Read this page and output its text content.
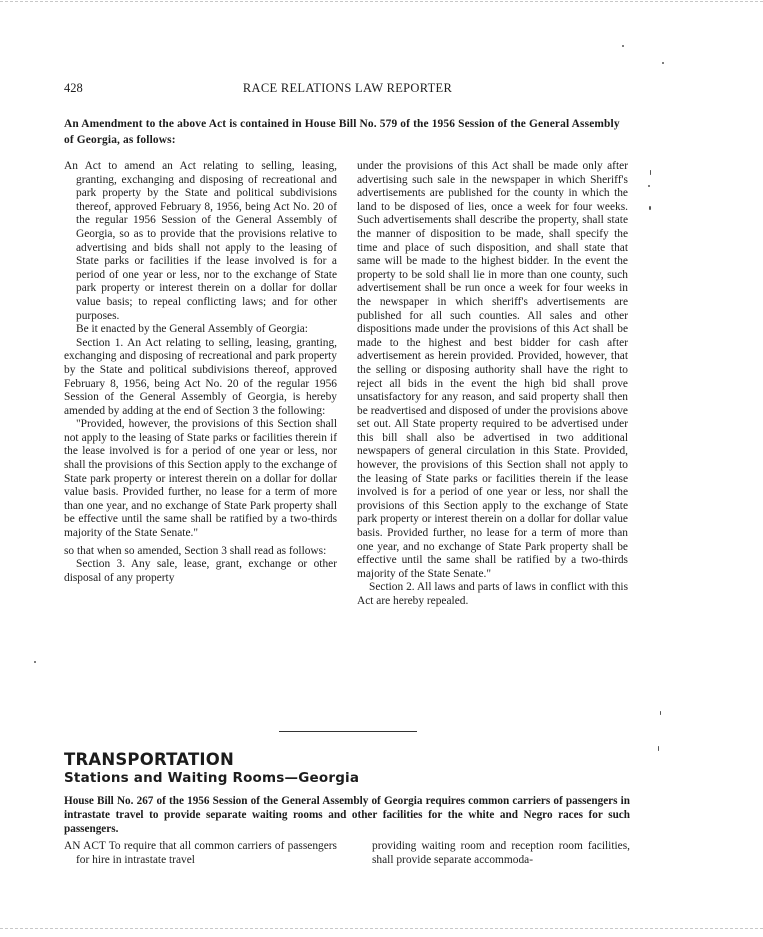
428	RACE RELATIONS LAW REPORTER
An Amendment to the above Act is contained in House Bill No. 579 of the 1956 Session of the General Assembly of Georgia, as follows:

An Act to amend an Act relating to selling, leasing, granting, exchanging and disposing of recreational and park property by the State and political subdivisions thereof, approved February 8, 1956, being Act No. 20 of the regular 1956 Session of the General Assembly of Georgia, so as to provide that the provisions relative to advertising and bids shall not apply to the leasing of State parks or facilities if the lease involved is for a period of one year or less, nor to the exchange of State park property or interest therein on a dollar for dollar value basis; to repeal conflicting laws; and for other purposes.

Be it enacted by the General Assembly of Georgia:

Section 1. An Act relating to selling, leasing, granting, exchanging and disposing of recreational and park property by the State and political subdivisions thereof, approved February 8, 1956, being Act No. 20 of the regular 1956 Session of the General Assembly of Georgia, is hereby amended by adding at the end of Section 3 the following:

"Provided, however, the provisions of this Section shall not apply to the leasing of State parks or facilities therein if the lease involved is for a period of one year or less, nor shall the provisions of this Section apply to the exchange of State park property or interest therein on a dollar for dollar value basis. Provided further, no lease for a term of more than one year, and no exchange of State Park property shall be effective until the same shall be ratified by a two-thirds majority of the State Senate."

so that when so amended, Section 3 shall read as follows:

Section 3. Any sale, lease, grant, exchange or other disposal of any property

under the provisions of this Act shall be made only after advertising such sale in the newspaper in which Sheriff's advertisements are published for the county in which the land to be disposed of lies, once a week for four weeks. Such advertisements shall describe the property, shall state the manner of disposition to be made, shall specify the time and place of such disposition, and shall state that same will be made to the highest bidder. In the event the property to be sold shall lie in more than one county, such advertisement shall be run once a week for four weeks in the newspaper in which sheriff's advertisements are published for all such counties. All sales and other dispositions made under the provisions of this Act shall be made to the highest and best bidder for cash after advertisement as herein provided. Provided, however, that the selling or disposing authority shall have the right to reject all bids in the event the high bid shall prove unsatisfactory for any reason, and said property shall then be readvertised and disposed of under the provisions above set out. All State property required to be advertised under this bill shall also be advertised in two additional newspapers of general circulation in this State. Provided, however, the provisions of this Section shall not apply to the leasing of State parks or facilities therein if the lease involved is for a period of one year or less, nor shall the provisions of this Section apply to the exchange of State park property or interest therein on a dollar for dollar value basis. Provided further, no lease for a term of more than one year, and no exchange of State Park property shall be effective until the same shall be ratified by a two-thirds majority of the State Senate."

Section 2. All laws and parts of laws in conflict with this Act are hereby repealed.

TRANSPORTATION
Stations and Waiting Rooms—Georgia
House Bill No. 267 of the 1956 Session of the General Assembly of Georgia requires common carriers of passengers in intrastate travel to provide separate waiting rooms and other facilities for the white and Negro races for such passengers.

AN ACT To require that all common carriers of passengers for hire in intrastate travel

providing waiting room and reception room facilities, shall provide separate accommoda-
